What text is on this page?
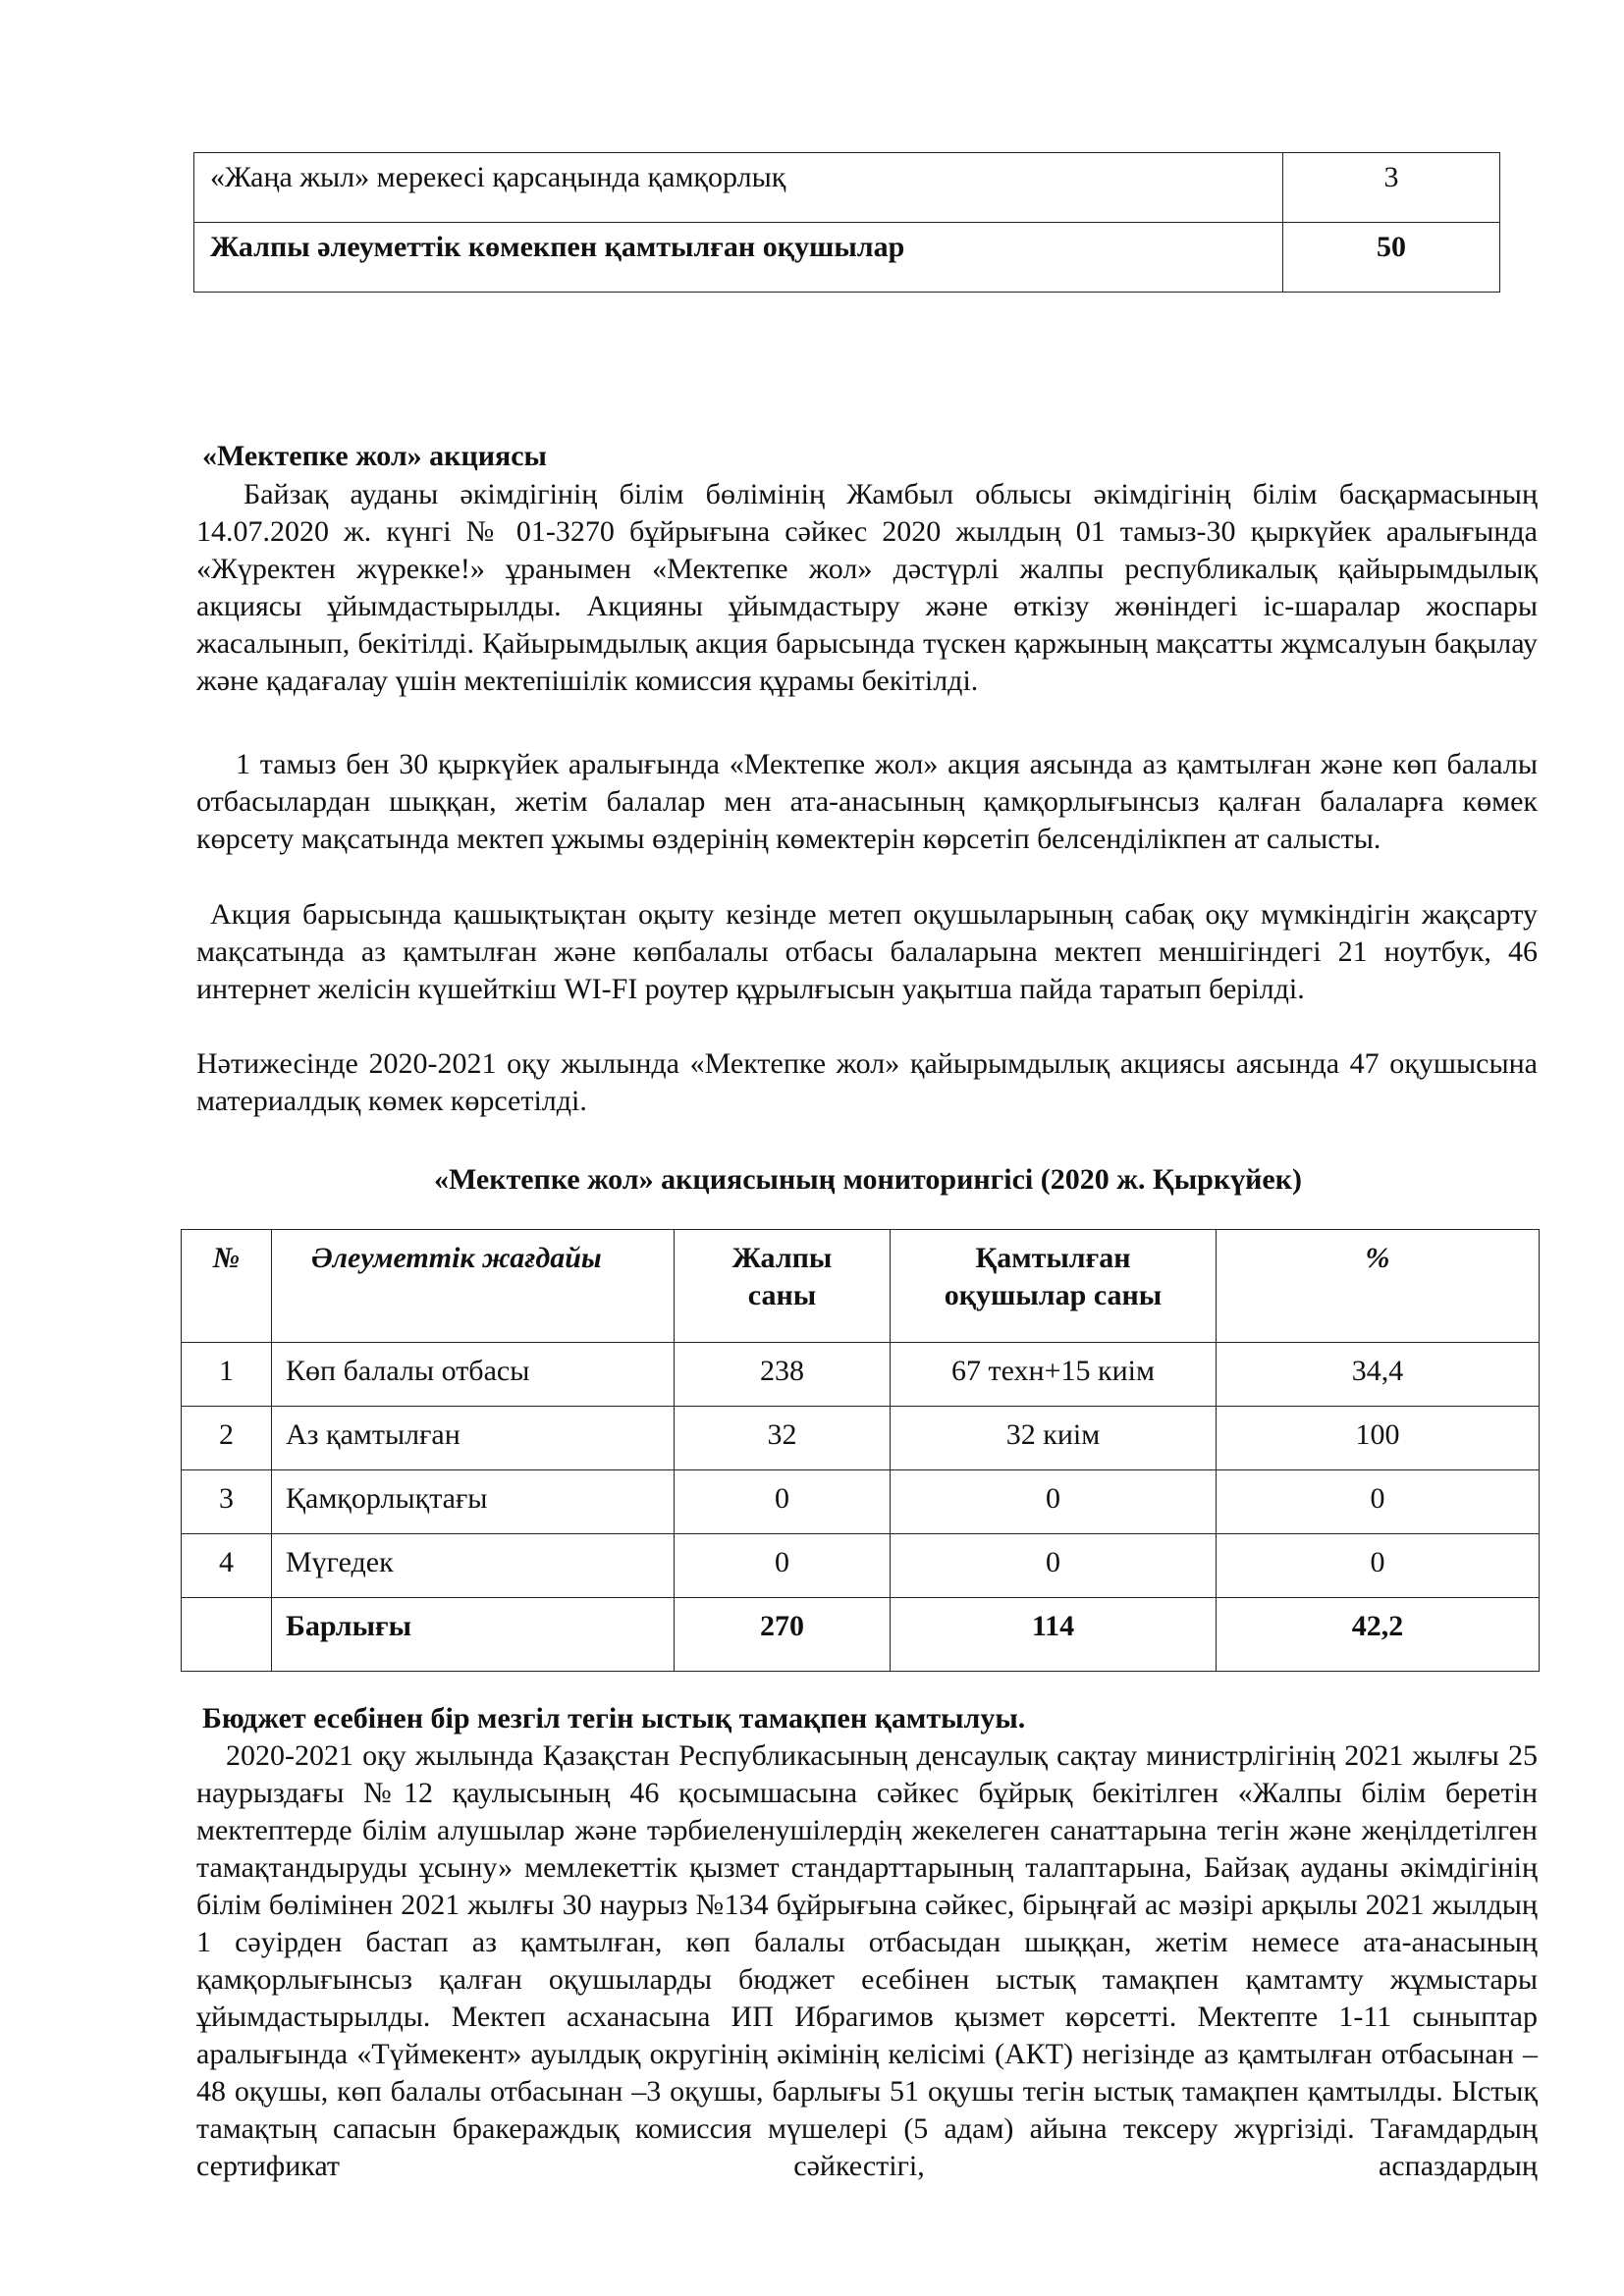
«Жаңа жыл» мерекесі қарсаңында қамқорлық	3
Жалпы әлеуметтік көмекпен қамтылған оқушылар	50
«Мектепке жол» акциясы
Байзақ ауданы әкімдігінің білім бөлімінің Жамбыл облысы әкімдігінің білім басқармасының 14.07.2020 ж. күнгі № 01-3270 бұйрығына сәйкес 2020 жылдың 01 тамыз-30 қыркүйек аралығында «Жүректен жүрекке!» ұранымен «Мектепке жол» дәстүрлі жалпы республикалық қайырымдылық акциясы ұйымдастырылды. Акцияны ұйымдастыру және өткізу жөніндегі іс-шаралар жоспары жасалынып, бекітілді. Қайырымдылық акция барысында түскен қаржының мақсатты жұмсалуын бақылау және қадағалау үшін мектепішілік комиссия құрамы бекітілді.
1 тамыз бен 30 қыркүйек аралығында «Мектепке жол» акция аясында аз қамтылған және көп балалы отбасылардан шыққан, жетім балалар мен ата-анасының қамқорлығынсыз қалған балаларға көмек көрсету мақсатында мектеп ұжымы өздерінің көмектерін көрсетіп белсенділікпен ат салысты.
Акция барысында қашықтықтан оқыту кезінде метеп оқушыларының сабақ оқу мүмкіндігін жақсарту мақсатында аз қамтылған және көпбалалы отбасы балаларына мектеп меншігіндегі 21 ноутбук, 46 интернет желісін күшейткіш WI-FI роутер құрылғысын уақытша пайда таратып берілді.
Нәтижесінде 2020-2021 оқу жылында «Мектепке жол» қайырымдылық акциясы аясында 47 оқушысына материалдық көмек көрсетілді.
«Мектепке жол» акциясының мониторингісі (2020 ж. Қыркүйек)
№	Әлеуметтік жағдайы	Жалпы саны	Қамтылған оқушылар саны	%
1	Көп балалы отбасы	238	67 техн+15 киім	34,4
2	Аз қамтылған	32	32 киім	100
3	Қамқорлықтағы	0	0	0
4	Мүгедек	0	0	0
	Барлығы	270	114	42,2
Бюджет есебінен бір мезгіл тегін ыстық тамақпен қамтылуы.
2020-2021 оқу жылында Қазақстан Республикасының денсаулық сақтау министрлігінің 2021 жылғы 25 наурыздағы №12 қаулысының 46 қосымшасына сәйкес бұйрық бекітілген «Жалпы білім беретін мектептерде білім алушылар және тәрбиеленушілердің жекелеген санаттарына тегін және жеңілдетілген тамақтандыруды ұсыну» мемлекеттік қызмет стандарттарының талаптарына, Байзақ ауданы әкімдігінің білім бөлімінен 2021 жылғы 30 наурыз №134 бұйрығына сәйкес, бірыңғай ас мәзірі арқылы 2021 жылдың 1 сәуірден бастап аз қамтылған, көп балалы отбасыдан шыққан, жетім немесе ата-анасының қамқорлығынсыз қалған оқушыларды бюджет есебінен ыстық тамақпен қамтамту жұмыстары ұйымдастырылды. Мектеп асханасына ИП Ибрагимов қызмет көрсетті. Мектепте 1-11 сыныптар аралығында «Түймекент» ауылдық округінің әкімінің келісімі (АКТ) негізінде аз қамтылған отбасынан – 48 оқушы, көп балалы отбасынан –3 оқушы, барлығы 51 оқушы тегін ыстық тамақпен қамтылды. Ыстық тамақтың сапасын бракераждық комиссия мүшелері (5 адам) айына тексеру жүргізіді. Тағамдардың сертификат сәйкестігі, аспаздардың
